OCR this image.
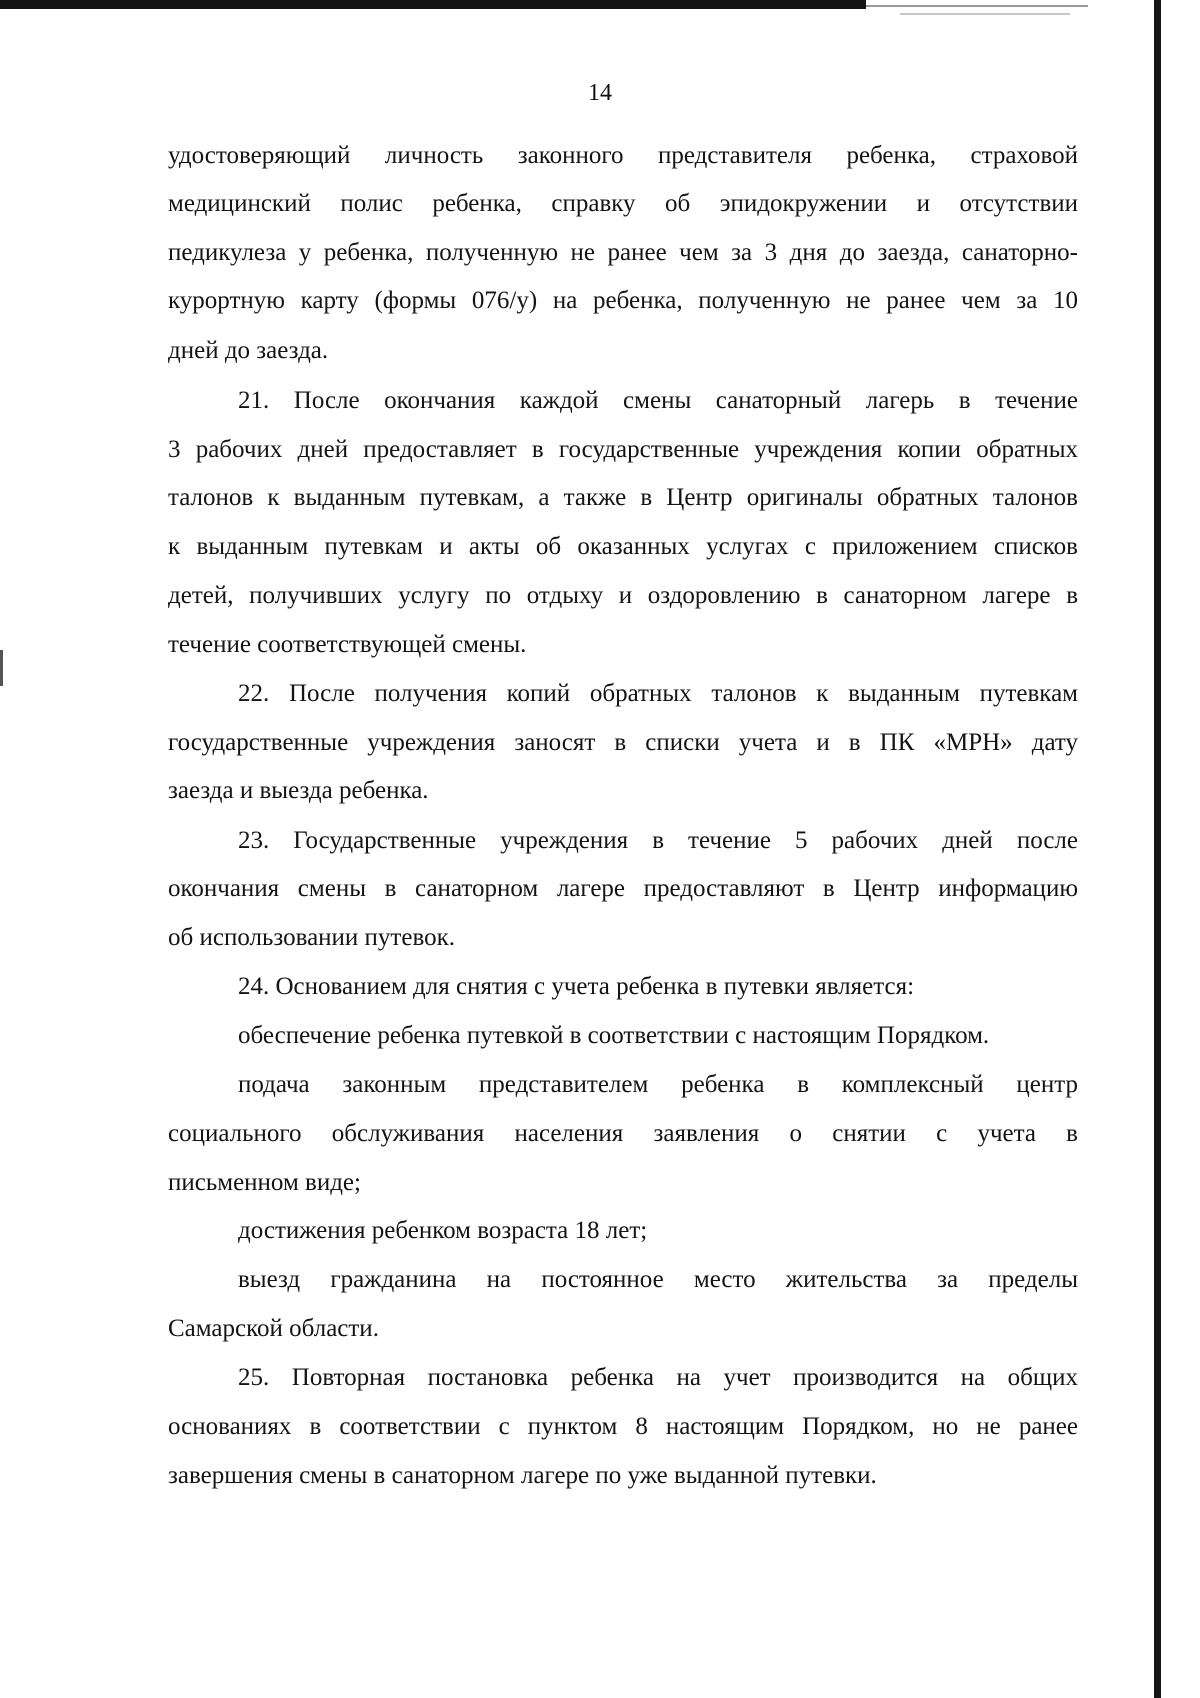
14
удостоверяющий личность законного представителя ребенка, страховой
медицинский полис ребенка, справку об эпидокружении и отсутствии
педикулеза у ребенка, полученную не ранее чем за 3 дня до заезда, санаторно-
курортную карту (формы 076/у) на ребенка, полученную не ранее чем за 10
дней до заезда.
21. После окончания каждой смены санаторный лагерь в течение
3 рабочих дней предоставляет в государственные учреждения копии обратных
талонов к выданным путевкам, а также в Центр оригиналы обратных талонов
к выданным путевкам и акты об оказанных услугах с приложением списков
детей, получивших услугу по отдыху и оздоровлению в санаторном лагере в
течение соответствующей смены.
22. После получения копий обратных талонов к выданным путевкам
государственные учреждения заносят в списки учета и в ПК «МРН» дату
заезда и выезда ребенка.
23. Государственные учреждения в течение 5 рабочих дней после
окончания смены в санаторном лагере предоставляют в Центр информацию
об использовании путевок.
24. Основанием для снятия с учета ребенка в путевки является:
обеспечение ребенка путевкой в соответствии с настоящим Порядком.
подача законным представителем ребенка в комплексный центр
социального обслуживания населения заявления о снятии с учета в
письменном виде;
достижения ребенком возраста 18 лет;
выезд гражданина на постоянное место жительства за пределы
Самарской области.
25. Повторная постановка ребенка на учет производится на общих
основаниях в соответствии с пунктом 8 настоящим Порядком, но не ранее
завершения смены в санаторном лагере по уже выданной путевки.
